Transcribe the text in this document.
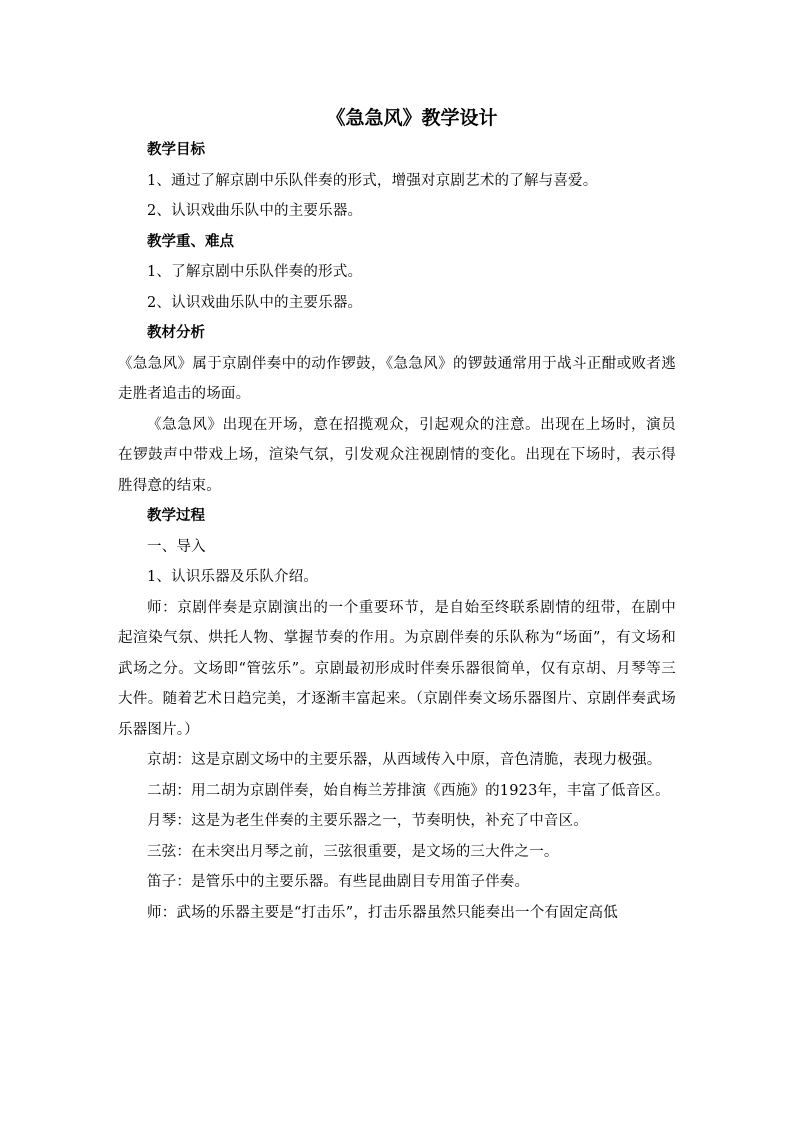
《急急风》教学设计

教学目标

1、通过了解京剧中乐队伴奏的形式，增强对京剧艺术的了解与喜爱。

2、认识戏曲乐队中的主要乐器。

教学重、难点

1、了解京剧中乐队伴奏的形式。

2、认识戏曲乐队中的主要乐器。

教材分析

《急急风》属于京剧伴奏中的动作锣鼓，《急急风》的锣鼓通常用于战斗正酣或败者逃走胜者追击的场面。

《急急风》出现在开场，意在招揽观众，引起观众的注意。出现在上场时，演员在锣鼓声中带戏上场，渲染气氛，引发观众注视剧情的变化。出现在下场时，表示得胜得意的结束。

教学过程

一、导入

1、认识乐器及乐队介绍。

师：京剧伴奏是京剧演出的一个重要环节，是自始至终联系剧情的纽带，在剧中起渲染气氛、烘托人物、掌握节奏的作用。为京剧伴奏的乐队称为“场面”，有文场和武场之分。文场即“管弦乐”。京剧最初形成时伴奏乐器很简单，仅有京胡、月琴等三大件。随着艺术日趋完美，才逐渐丰富起来。（京剧伴奏文场乐器图片、京剧伴奏武场乐器图片。）

京胡：这是京剧文场中的主要乐器，从西域传入中原，音色清脆，表现力极强。

二胡：用二胡为京剧伴奏，始自梅兰芳排演《西施》的1923年，丰富了低音区。

月琴：这是为老生伴奏的主要乐器之一，节奏明快，补充了中音区。

三弦：在未突出月琴之前，三弦很重要，是文场的三大件之一。

笛子：是管乐中的主要乐器。有些昆曲剧目专用笛子伴奏。

师：武场的乐器主要是“打击乐”，打击乐器虽然只能奏出一个有固定高低
